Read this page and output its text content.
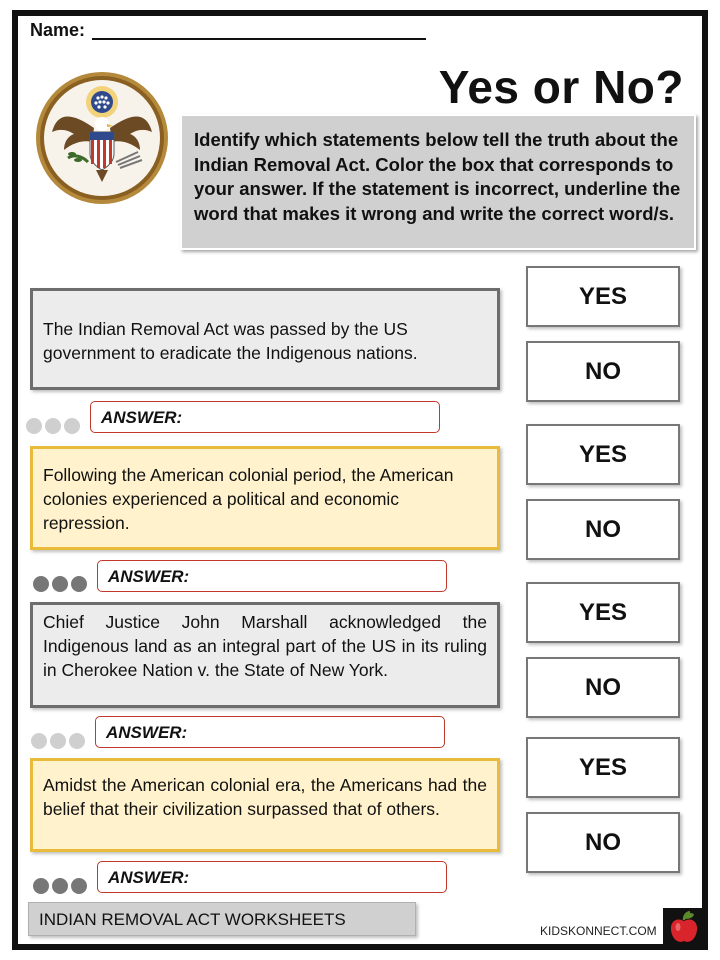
Name:
Yes or No?
Identify which statements below tell the truth about the Indian Removal Act. Color the box that corresponds to your answer. If the statement is incorrect, underline the word that makes it wrong and write the correct word/s.
The Indian Removal Act was passed by the US government to eradicate the Indigenous nations.
ANSWER:
YES
NO
Following the American colonial period, the American colonies experienced a political and economic repression.
ANSWER:
YES
NO
Chief Justice John Marshall acknowledged the Indigenous land as an integral part of the US in its ruling in Cherokee Nation v. the State of New York.
ANSWER:
YES
NO
Amidst the American colonial era, the Americans had the belief that their civilization surpassed that of others.
ANSWER:
YES
NO
INDIAN REMOVAL ACT WORKSHEETS
KIDSKONNECT.COM
